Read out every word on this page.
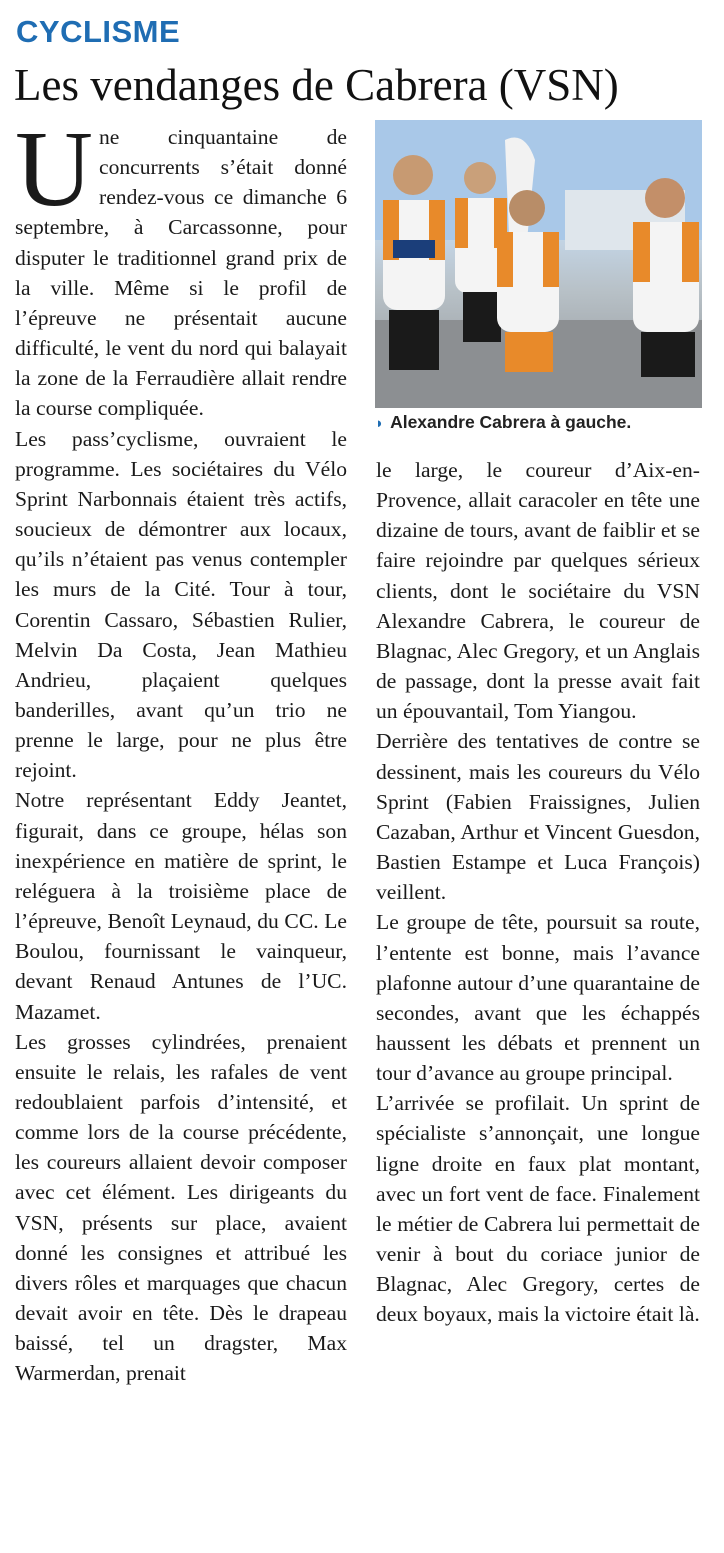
CYCLISME
Les vendanges de Cabrera (VSN)

Une cinquantaine de concurrents s’était donné rendez-vous ce dimanche 6 septembre, à Carcassonne, pour disputer le traditionnel grand prix de la ville. Même si le profil de l’épreuve ne présentait aucune difficulté, le vent du nord qui balayait la zone de la Ferraudière allait rendre la course compliquée.

Les pass’cyclisme, ouvraient le programme. Les sociétaires du Vélo Sprint Narbonnais étaient très actifs, soucieux de démontrer aux locaux, qu’ils n’étaient pas venus contempler les murs de la Cité. Tour à tour, Corentin Cassaro, Sébastien Rulier, Melvin Da Costa, Jean Mathieu Andrieu, plaçaient quelques banderilles, avant qu’un trio ne prenne le large, pour ne plus être rejoint.

Notre représentant Eddy Jeantet, figurait, dans ce groupe, hélas son inexpérience en matière de sprint, le reléguera à la troisième place de l’épreuve, Benoît Leynaud, du CC. Le Boulou, fournissant le vainqueur, devant Renaud Antunes de l’UC. Mazamet.

Les grosses cylindrées, prenaient ensuite le relais, les rafales de vent redoublaient parfois d’intensité, et comme lors de la course précédente, les coureurs allaient devoir composer avec cet élément. Les dirigeants du VSN, présents sur place, avaient donné les consignes et attribué les divers rôles et marquages que chacun devait avoir en tête. Dès le drapeau baissé, tel un dragster, Max Warmerdan, prenait

◗ Alexandre Cabrera à gauche.

le large, le coureur d’Aix-en-Provence, allait caracoler en tête une dizaine de tours, avant de faiblir et se faire rejoindre par quelques sérieux clients, dont le sociétaire du VSN Alexandre Cabrera, le coureur de Blagnac, Alec Gregory, et un Anglais de passage, dont la presse avait fait un épouvantail, Tom Yiangou.

Derrière des tentatives de contre se dessinent, mais les coureurs du Vélo Sprint (Fabien Fraissignes, Julien Cazaban, Arthur et Vincent Guesdon, Bastien Estampe et Luca François) veillent.

Le groupe de tête, poursuit sa route, l’entente est bonne, mais l’avance plafonne autour d’une quarantaine de secondes, avant que les échappés haussent les débats et prennent un tour d’avance au groupe principal.

L’arrivée se profilait. Un sprint de spécialiste s’annonçait, une longue ligne droite en faux plat montant, avec un fort vent de face. Finalement le métier de Cabrera lui permettait de venir à bout du coriace junior de Blagnac, Alec Gregory, certes de deux boyaux, mais la victoire était là.
